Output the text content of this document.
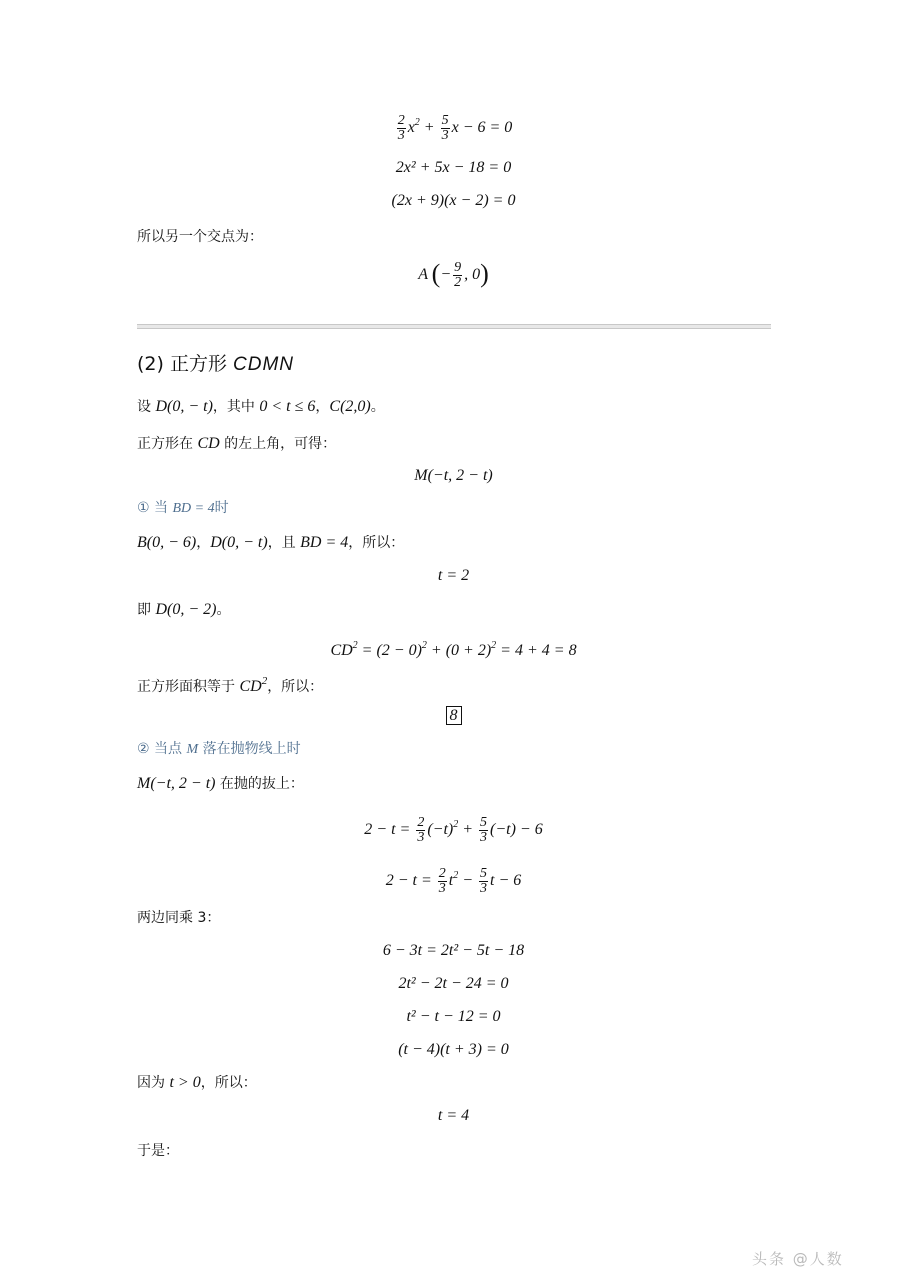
$\frac{2}{3} x^2 + \frac{5}{3}$ x − 6 = 0
2x² + 5x − 18 = 0
(2x + 9)(x − 2) = 0
所以另一个交点为：
A (− $\frac{9}{2}$ , 0)
(2) 正方形 CDMN
设 D(0, − t)，其中 0 < t ≤ 6，C(2,0)。
正方形在 CD 的左上角，可得：
M(−t, 2 − t)
① 当 BD = 4时
B(0, − 6)，D(0, − t)，且 BD = 4，所以：
t = 2
即 D(0, − 2)。
$CD^2 = (2 - 0)^2 + (0 + 2)^2 = 4 + 4 = 8$
正方形面积等于 $CD^2$，所以：
8
② 当点 M 落在抛物线上时
M(−t, 2 − t) 在抛的抜上：
$2 - t = \frac{2}{3} (-t)^2 + \frac{5}{3} (-t) - 6$
$2 - t = \frac{2}{3} t^2 - \frac{5}{3}$ t − 6
两边同乘 3：
6 − 3t = 2t² − 5t − 18
2t² − 2t − 24 = 0
t² − t − 12 = 0
(t − 4)(t + 3) = 0
因为 t > 0，所以：
t = 4
于是：
头条 @人数
